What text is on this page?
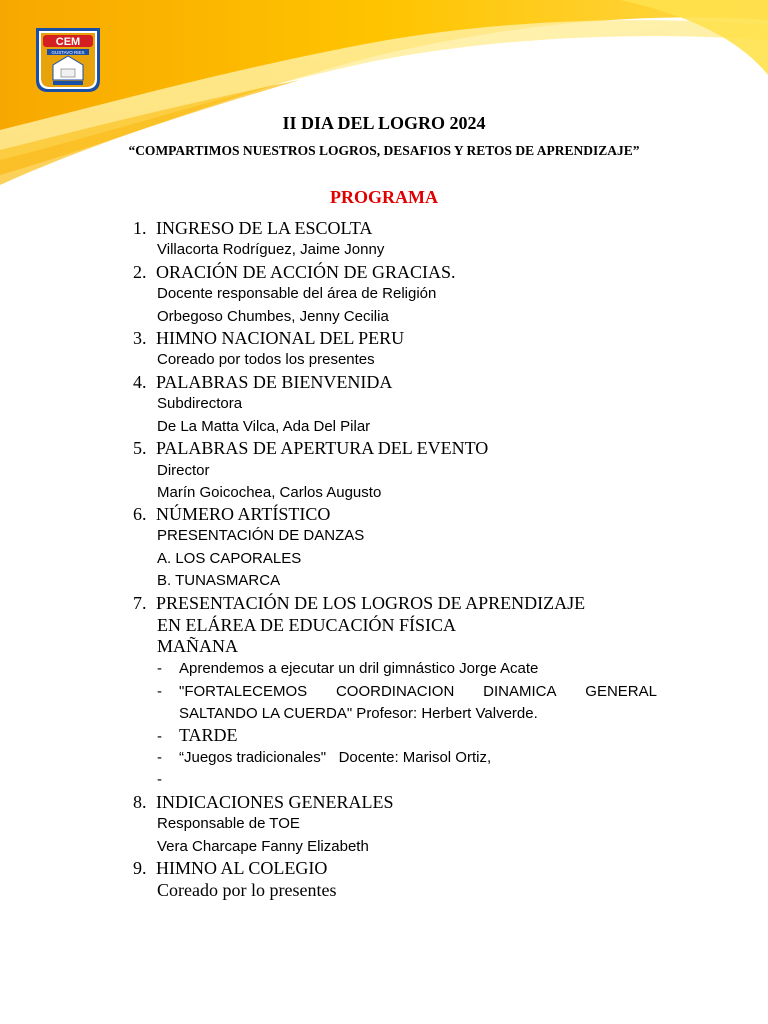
CEM
GUSTAVO RIES
II DIA DEL LOGRO 2024
“COMPARTIMOS NUESTROS LOGROS, DESAFIOS Y RETOS DE APRENDIZAJE”
PROGRAMA
1. INGRESO DE LA ESCOLTA
Villacorta Rodríguez, Jaime Jonny
2. ORACIÓN DE ACCIÓN DE GRACIAS.
Docente responsable del área de Religión
Orbegoso Chumbes, Jenny Cecilia
3. HIMNO NACIONAL DEL PERU
Coreado por todos los presentes
4. PALABRAS DE BIENVENIDA
Subdirectora
De La Matta Vilca, Ada Del Pilar
5. PALABRAS DE APERTURA DEL EVENTO
Director
Marín Goicochea, Carlos Augusto
6. NÚMERO ARTÍSTICO
PRESENTACIÓN DE DANZAS
A. LOS CAPORALES
B. TUNASMARCA
7. PRESENTACIÓN DE LOS LOGROS DE APRENDIZAJE
EN ELÁREA DE EDUCACIÓN FÍSICA
MAÑANA
- Aprendemos a ejecutar un dril gimnástico Jorge Acate
- "FORTALECEMOS COORDINACION DINAMICA GENERAL
SALTANDO LA CUERDA" Profesor: Herbert Valverde.
- TARDE
- “Juegos tradicionales"   Docente: Marisol Ortiz,
-
8. INDICACIONES GENERALES
Responsable de TOE
Vera Charcape Fanny Elizabeth
9. HIMNO AL COLEGIO
Coreado por lo presentes
